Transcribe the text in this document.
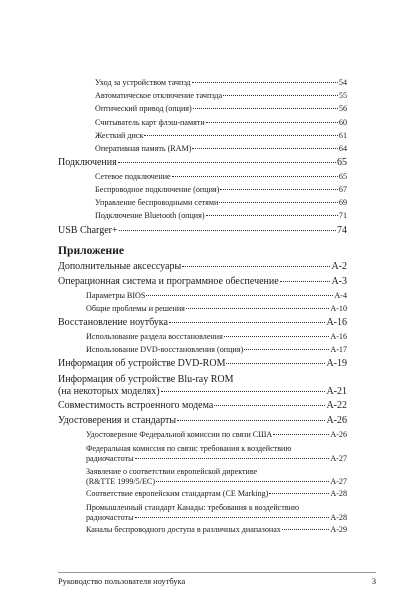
Уход за устройством тачпэд	54
Автоматическое отключение тачпэда	55
Оптический привод (опция)	56
Считыватель карт флэш-памяти	60
Жесткий диск	61
Оперативная память (RAM)	64
Подключения	65
Сетевое подключение	65
Беспроводное подключение (опция)	67
Управление беспроводными сетями	69
Подключение Bluetooth (опция)	71
USB Charger+	74
Приложение
Дополнительные аксессуары	A-2
Операционная система и программное обеспечение	A-3
Параметры BIOS	A-4
Общие проблемы и решения	A-10
Восстановление ноутбука	A-16
Использование раздела восстановления	A-16
Использование DVD-восстановления (опция)	A-17
Информация об устройстве DVD-ROM	A-19
Информация об устройстве Blu-ray ROM
(на некоторых моделях)	A-21
Совместимость встроенного модема	A-22
Удостоверения и стандарты	A-26
Удостоверение Федеральной комиссии по связи США	A-26
Федеральная комиссия по связи: требования к воздействию
радиочастоты	A-27
Заявление о соответствии европейской директиве
(R&TTE 1999/5/EC)	A-27
Соответствие европейским стандартам (CE Marking)	A-28
Промышленный стандарт Канады: требования к воздействию
радиочастоты	A-28
Каналы беспроводного доступа в различных диапазонах	A-29
Руководство пользователя ноутбука	3
